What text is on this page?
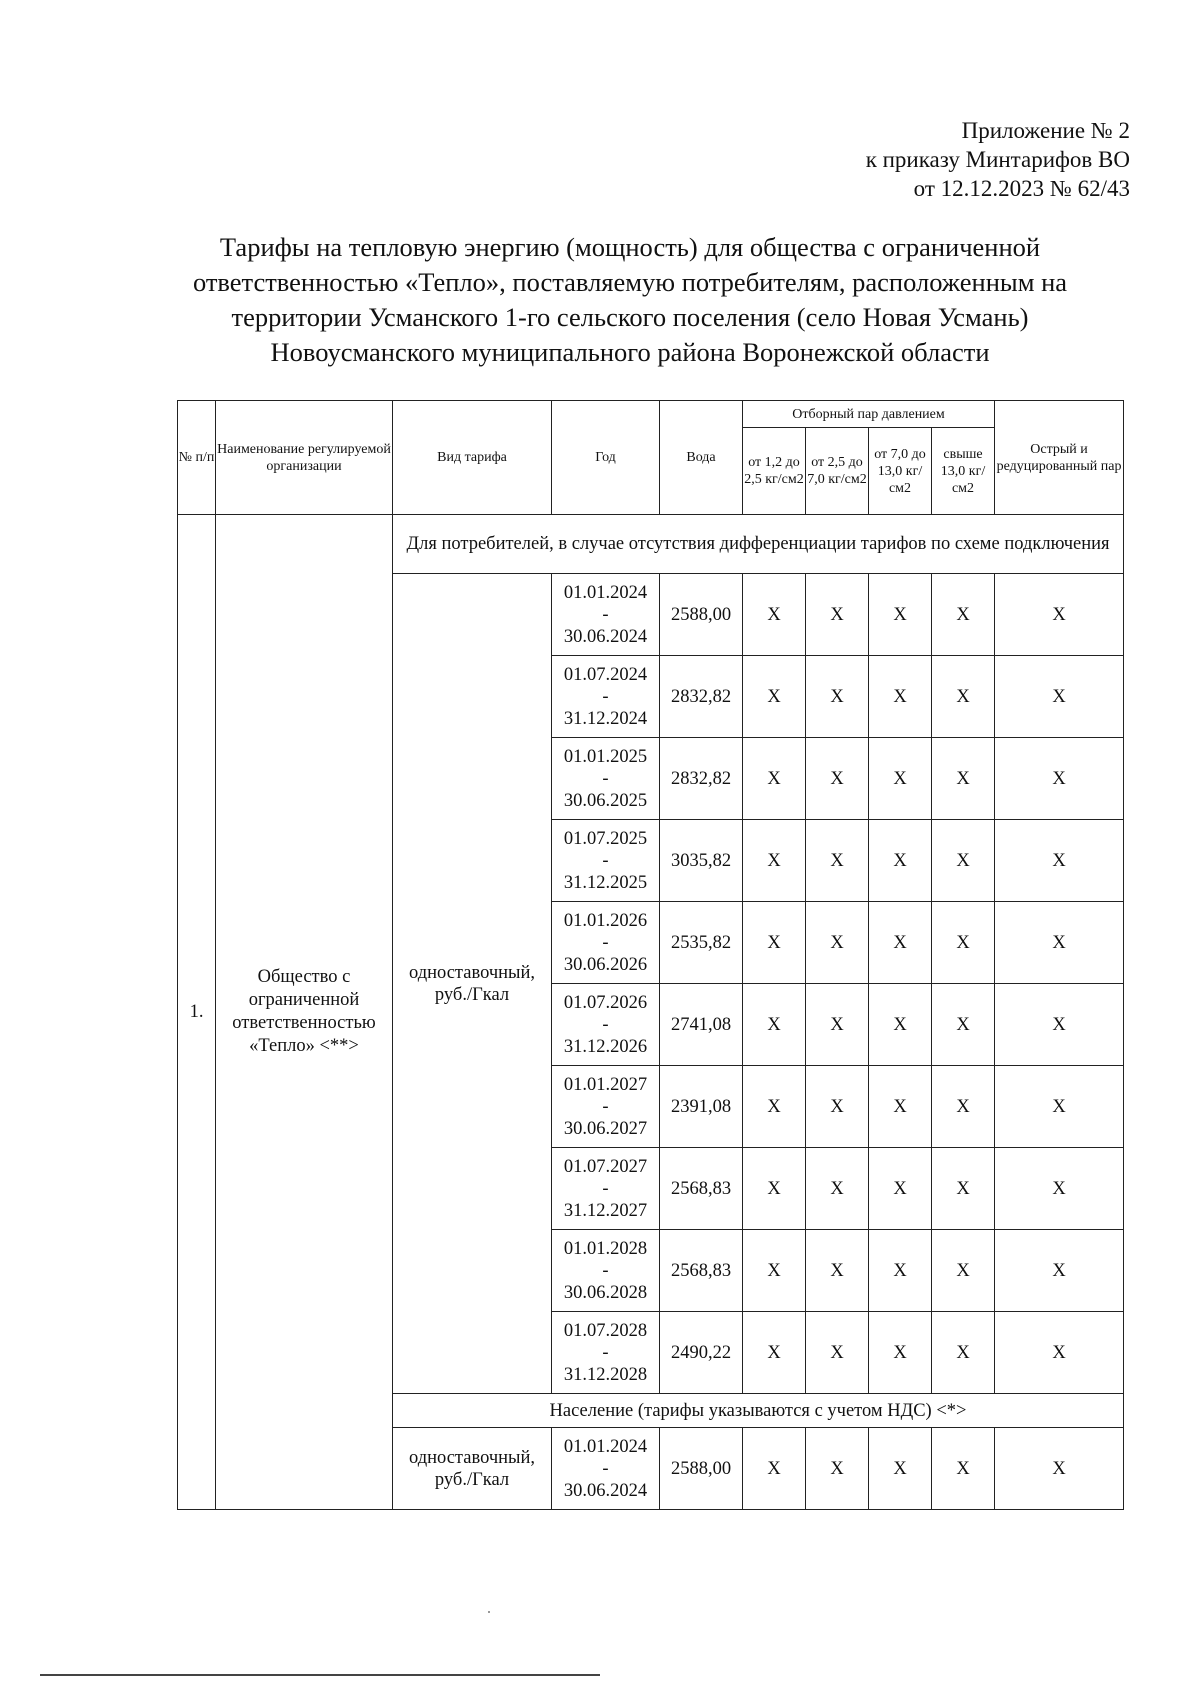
Приложение № 2
к приказу Минтарифов ВО
от 12.12.2023 № 62/43
Тарифы на тепловую энергию (мощность) для общества с ограниченной
ответственностью «Тепло», поставляемую потребителям, расположенным на
территории Усманского 1-го сельского поселения (село Новая Усмань)
Новоусманского муниципального района Воронежской области
№ п/п	Наименование регулируемой организации	Вид тарифа	Год	Вода	Отборный пар давлением				Острый и редуцированный пар
					от 1,2 до 2,5 кг/см2	от 2,5 до 7,0 кг/см2	от 7,0 до 13,0 кг/см2	свыше 13,0 кг/см2	
1.	Общество с ограниченной ответственностью «Тепло» <**>	Для потребителей, в случае отсутствия дифференциации тарифов по схеме подключения							
		одноставочный, руб./Гкал	01.01.2024
-
30.06.2024	2588,00	X	X	X	X	X

			01.07.2024
-
31.12.2024	2832,82	X	X	X	X	X

			01.01.2025
-
30.06.2025	2832,82	X	X	X	X	X

			01.07.2025
-
31.12.2025	3035,82	X	X	X	X	X

			01.01.2026
-
30.06.2026	2535,82	X	X	X	X	X

			01.07.2026
-
31.12.2026	2741,08	X	X	X	X	X

			01.01.2027
-
30.06.2027	2391,08	X	X	X	X	X

			01.07.2027
-
31.12.2027	2568,83	X	X	X	X	X

			01.01.2028
-
30.06.2028	2568,83	X	X	X	X	X

			01.07.2028
-
31.12.2028	2490,22	X	X	X	X	X
		Население (тарифы указываются с учетом НДС) <*>							
		одноставочный, руб./Гкал	01.01.2024
-
30.06.2024	2588,00	X	X	X	X	X
